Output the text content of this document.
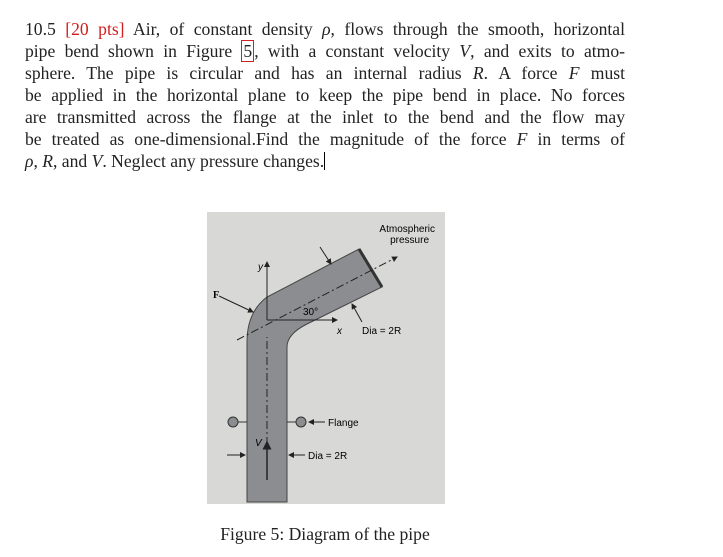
10.5 [20 pts] Air, of constant density ρ, flows through the smooth, horizontal
pipe bend shown in Figure 5 , with a constant velocity V, and exits to atmo-
sphere. The pipe is circular and has an internal radius R. A force F must
be applied in the horizontal plane to keep the pipe bend in place. No forces
are transmitted across the flange at the inlet to the bend and the flow may
be treated as one-dimensional.Find the magnitude of the force F in terms of
ρ, R, and V. Neglect any pressure changes.
Atmospheric
pressure
F
y
x
30°
Dia = 2R
Flange
V
Dia = 2R
Figure 5: Diagram of the pipe
